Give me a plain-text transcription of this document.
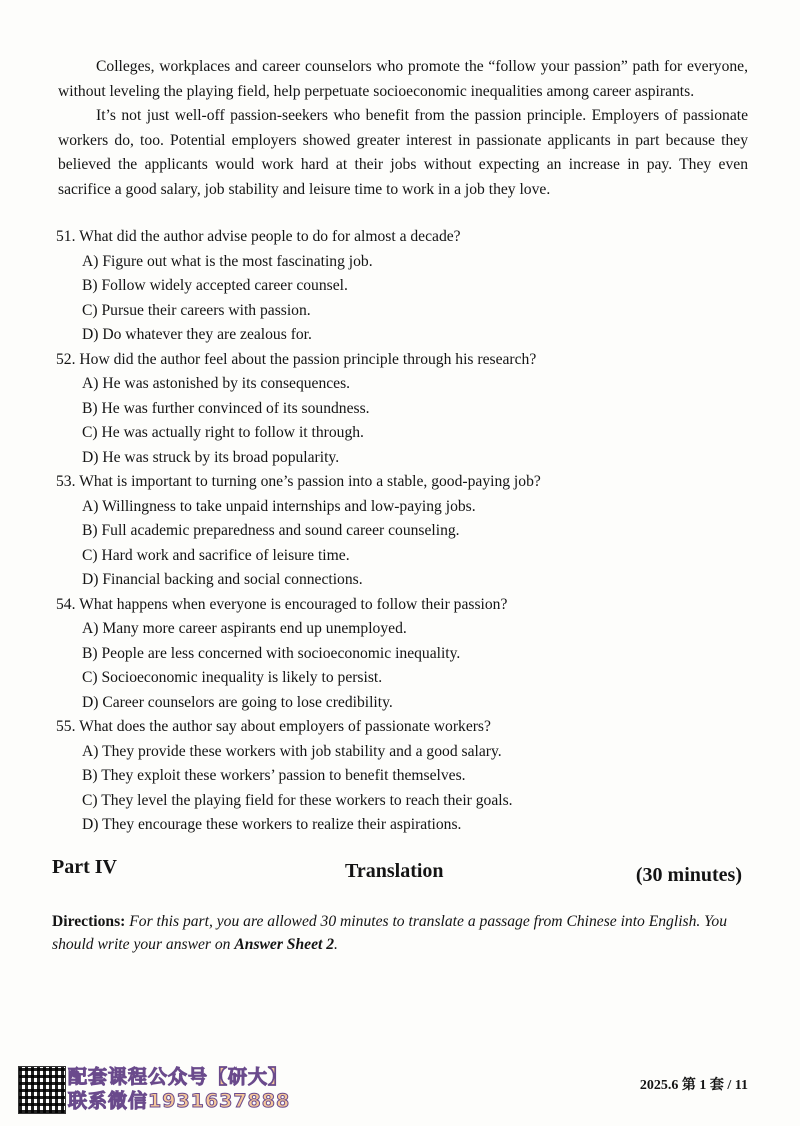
Colleges, workplaces and career counselors who promote the “follow your passion” path for everyone, without leveling the playing field, help perpetuate socioeconomic inequalities among career aspirants.

It’s not just well-off passion-seekers who benefit from the passion principle. Employers of passionate workers do, too. Potential employers showed greater interest in passionate applicants in part because they believed the applicants would work hard at their jobs without expecting an increase in pay. They even sacrifice a good salary, job stability and leisure time to work in a job they love.

51. What did the author advise people to do for almost a decade?

A) Figure out what is the most fascinating job.

B) Follow widely accepted career counsel.

C) Pursue their careers with passion.

D) Do whatever they are zealous for.

52. How did the author feel about the passion principle through his research?

A) He was astonished by its consequences.

B) He was further convinced of its soundness.

C) He was actually right to follow it through.

D) He was struck by its broad popularity.

53. What is important to turning one’s passion into a stable, good-paying job?

A) Willingness to take unpaid internships and low-paying jobs.

B) Full academic preparedness and sound career counseling.

C) Hard work and sacrifice of leisure time.

D) Financial backing and social connections.

54. What happens when everyone is encouraged to follow their passion?

A) Many more career aspirants end up unemployed.

B) People are less concerned with socioeconomic inequality.

C) Socioeconomic inequality is likely to persist.

D) Career counselors are going to lose credibility.

55. What does the author say about employers of passionate workers?

A) They provide these workers with job stability and a good salary.

B) They exploit these workers’ passion to benefit themselves.

C) They level the playing field for these workers to reach their goals.

D) They encourage these workers to realize their aspirations.

Part IV	Translation	(30 minutes)

Directions: For this part, you are allowed 30 minutes to translate a passage from Chinese into English. You should write your answer on Answer Sheet 2.

配套课程公众号【研大】
联系微信1931637888
2025.6 第 1 套 / 11
